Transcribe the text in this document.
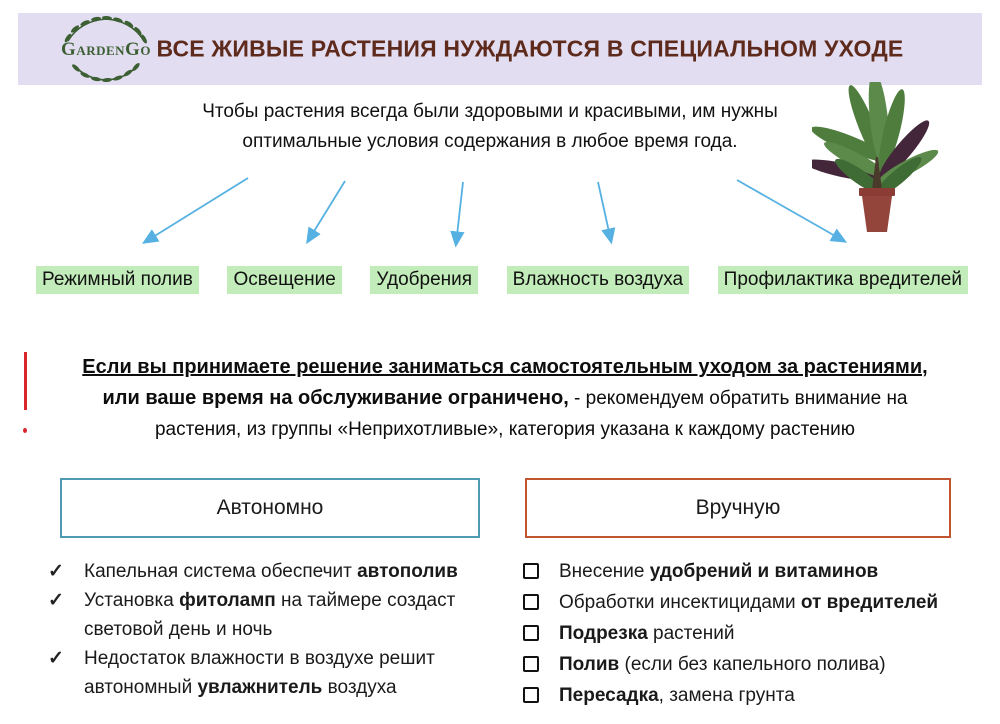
GardenGo ВСЕ ЖИВЫЕ РАСТЕНИЯ НУЖДАЮТСЯ В СПЕЦИАЛЬНОМ УХОДЕ
Чтобы растения всегда были здоровыми и красивыми, им нужны
оптимальные условия содержания в любое время года.
Режимный полив	Освещение	Удобрения	Влажность воздуха	Профилактика вредителей
Если вы принимаете решение заниматься самостоятельным уходом за растениями,
или ваше время на обслуживание ограничено, - рекомендуем обратить внимание на
растения, из группы «Неприхотливые», категория указана к каждому растению
Автономно	Вручную
✓	Капельная система обеспечит автополив
✓	Установка фитоламп на таймере создаст световой день и ночь
✓	Недостаток влажности в воздухе решит автономный увлажнитель воздуха
Внесение удобрений и витаминов
Обработки инсектицидами от вредителей
Подрезка растений
Полив (если без капельного полива)
Пересадка, замена грунта
